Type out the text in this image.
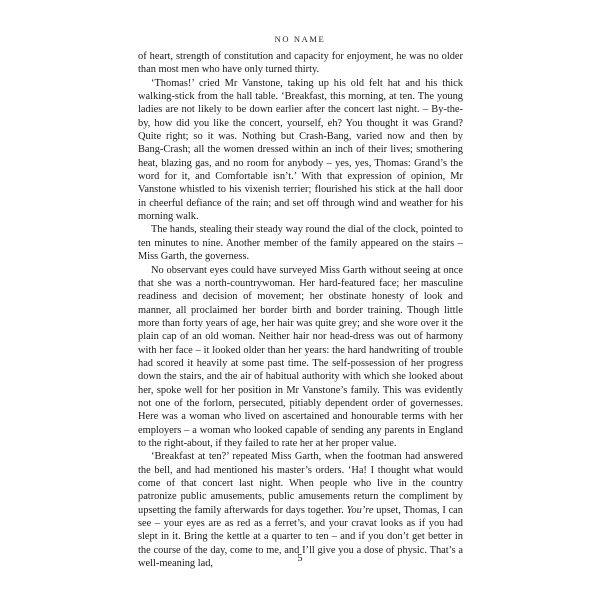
NO NAME

of heart, strength of constitution and capacity for enjoyment, he was no older than most men who have only turned thirty.

‘Thomas!’ cried Mr Vanstone, taking up his old felt hat and his thick walking-stick from the hall table. ‘Breakfast, this morning, at ten. The young ladies are not likely to be down earlier after the concert last night. – By-the-by, how did you like the concert, yourself, eh? You thought it was Grand? Quite right; so it was. Nothing but Crash-Bang, varied now and then by Bang-Crash; all the women dressed within an inch of their lives; smothering heat, blazing gas, and no room for anybody – yes, yes, Thomas: Grand’s the word for it, and Comfortable isn’t.’ With that expression of opinion, Mr Vanstone whistled to his vixenish terrier; flourished his stick at the hall door in cheerful defiance of the rain; and set off through wind and weather for his morning walk.

The hands, stealing their steady way round the dial of the clock, pointed to ten minutes to nine. Another member of the family appeared on the stairs – Miss Garth, the governess.

No observant eyes could have surveyed Miss Garth without seeing at once that she was a north-countrywoman. Her hard-featured face; her masculine readiness and decision of movement; her obstinate honesty of look and manner, all proclaimed her border birth and border training. Though little more than forty years of age, her hair was quite grey; and she wore over it the plain cap of an old woman. Neither hair nor head-dress was out of harmony with her face – it looked older than her years: the hard handwriting of trouble had scored it heavily at some past time. The self-possession of her progress down the stairs, and the air of habitual authority with which she looked about her, spoke well for her position in Mr Vanstone’s family. This was evidently not one of the forlorn, persecuted, pitiably dependent order of governesses. Here was a woman who lived on ascertained and honourable terms with her employers – a woman who looked capable of sending any parents in England to the right-about, if they failed to rate her at her proper value.

‘Breakfast at ten?’ repeated Miss Garth, when the footman had answered the bell, and had mentioned his master’s orders. ‘Ha! I thought what would come of that concert last night. When people who live in the country patronize public amusements, public amusements return the compliment by upsetting the family afterwards for days together. You’re upset, Thomas, I can see – your eyes are as red as a ferret’s, and your cravat looks as if you had slept in it. Bring the kettle at a quarter to ten – and if you don’t get better in the course of the day, come to me, and I’ll give you a dose of physic. That’s a well-meaning lad,	5
